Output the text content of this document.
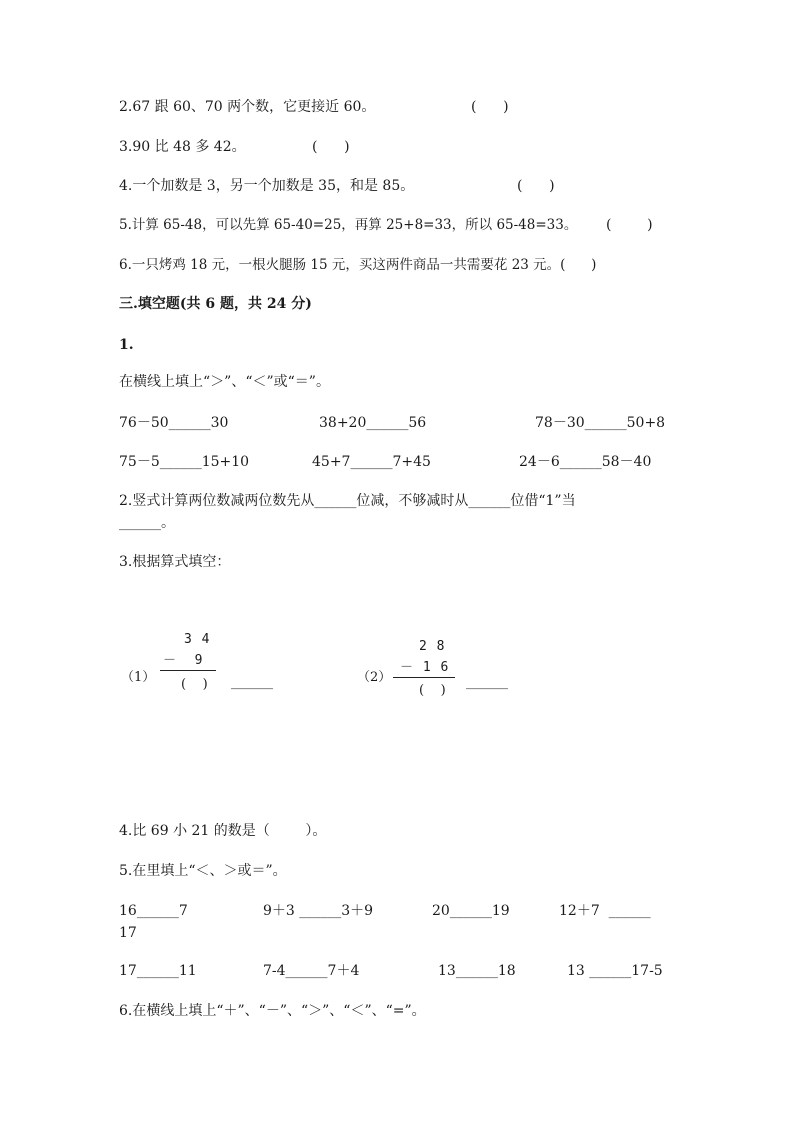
2.67 跟 60、70 两个数，它更接近 60。	(      )
3.90 比 48 多 42。	(      )
4.一个加数是 3，另一个加数是 35，和是 85。	(      )
5.计算 65-48，可以先算 65-40=25，再算 25+8=33，所以 65-48=33。 (        )
6.一只烤鸡 18 元，一根火腿肠 15 元，买这两件商品一共需要花 23 元。(      )
三.填空题(共 6 题，共 24 分)
1.
在横线上填上“＞”、“＜”或“＝”。
76－50______30	38+20______56	78－30______50+8
75－5______15+10	45+7______7+45	24－6______58－40
2.竖式计算两位数减两位数先从______位减，不够减时从______位借“1”当
______。
3.根据算式填空：
3 4
－  9
（1） (    ) ______
2 8
－ 1 6
（2）
(    )
______
4.比 69 小 21 的数是（        ）。
5.在里填上“＜、＞或＝”。
16______7	9＋3 ______3＋9	20______19	12＋7  ______
17
17______11	7-4______7＋4	13______18	13 ______17-5
6.在横线上填上“＋”、“－”、“＞”、“＜”、“=”。
